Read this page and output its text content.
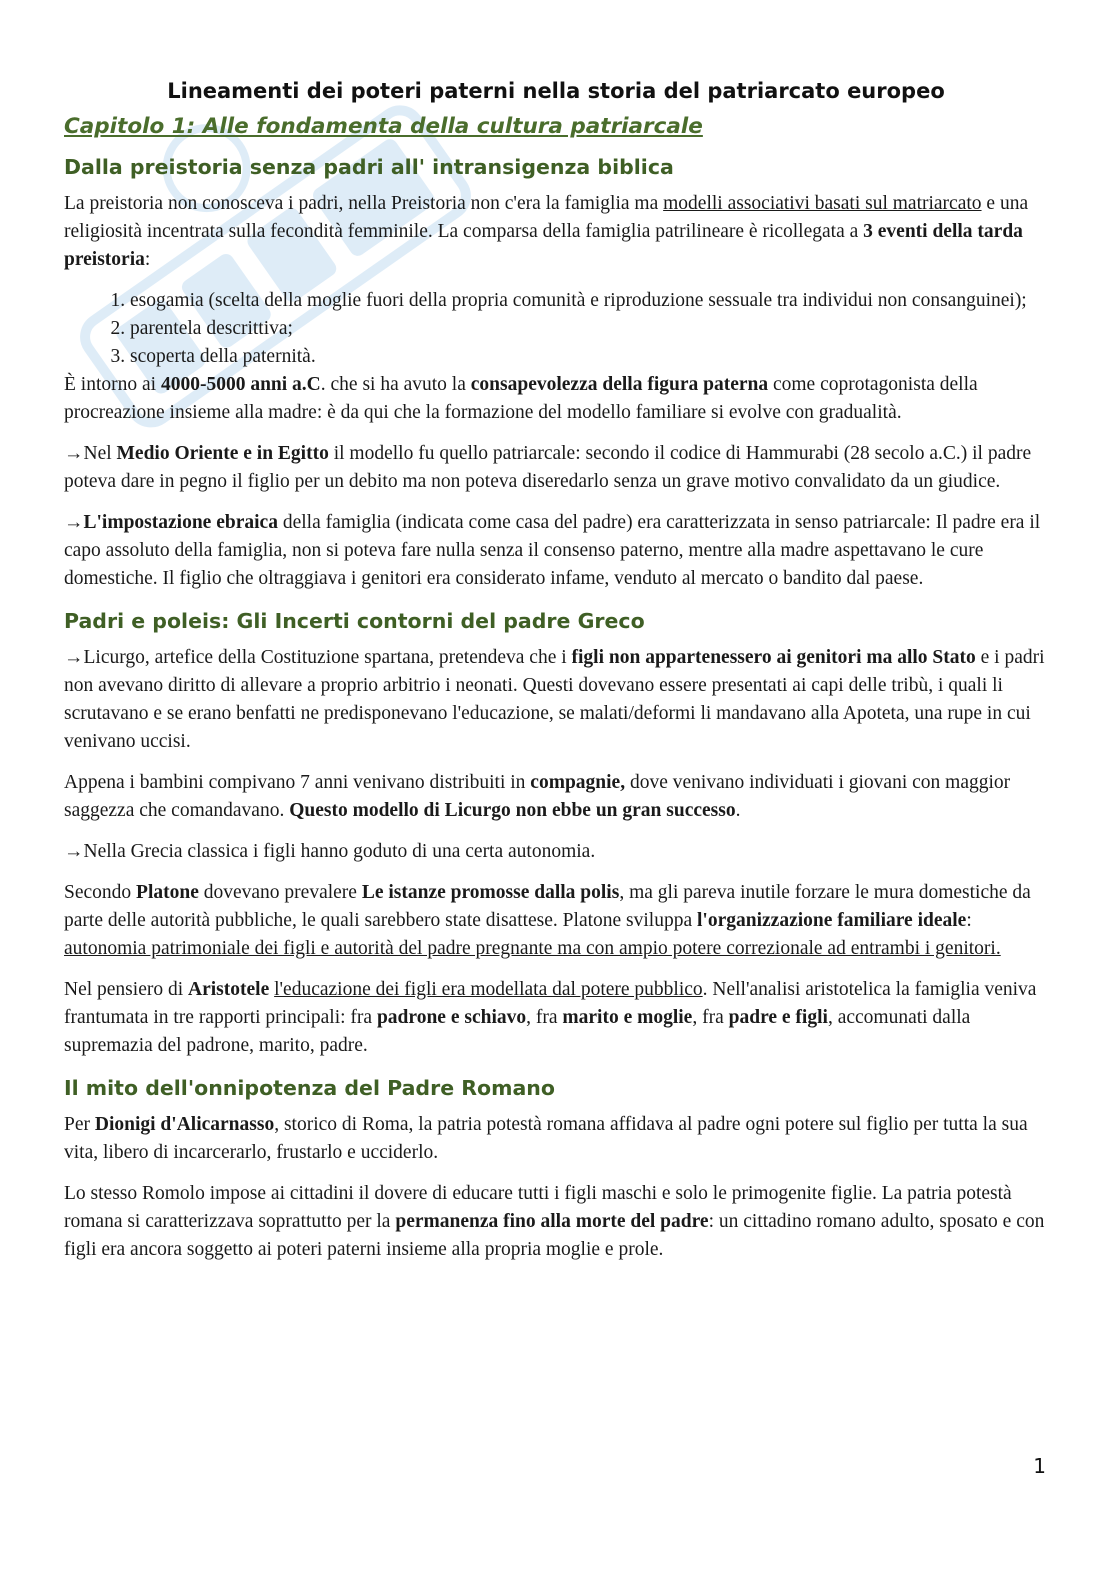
Lineamenti dei poteri paterni nella storia del patriarcato europeo
Capitolo 1: Alle fondamenta della cultura patriarcale
Dalla preistoria senza padri all' intransigenza biblica

La preistoria non conosceva i padri, nella Preistoria non c'era la famiglia ma modelli associativi basati sul matriarcato e una religiosità incentrata sulla fecondità femminile. La comparsa della famiglia patrilineare è ricollegata a 3 eventi della tarda preistoria:

1. esogamia (scelta della moglie fuori della propria comunità e riproduzione sessuale tra individui non consanguinei);
2. parentela descrittiva;
3. scoperta della paternità.

È intorno ai 4000-5000 anni a.C. che si ha avuto la consapevolezza della figura paterna come coprotagonista della procreazione insieme alla madre: è da qui che la formazione del modello familiare si evolve con gradualità.

→Nel Medio Oriente e in Egitto il modello fu quello patriarcale: secondo il codice di Hammurabi (28 secolo a.C.) il padre poteva dare in pegno il figlio per un debito ma non poteva diseredarlo senza un grave motivo convalidato da un giudice.

→L'impostazione ebraica della famiglia (indicata come casa del padre) era caratterizzata in senso patriarcale: Il padre era il capo assoluto della famiglia, non si poteva fare nulla senza il consenso paterno, mentre alla madre aspettavano le cure domestiche. Il figlio che oltraggiava i genitori era considerato infame, venduto al mercato o bandito dal paese.

Padri e poleis: Gli Incerti contorni del padre Greco

→Licurgo, artefice della Costituzione spartana, pretendeva che i figli non appartenessero ai genitori ma allo Stato e i padri non avevano diritto di allevare a proprio arbitrio i neonati. Questi dovevano essere presentati ai capi delle tribù, i quali li scrutavano e se erano benfatti ne predisponevano l'educazione, se malati/deformi li mandavano alla Apoteta, una rupe in cui venivano uccisi.

Appena i bambini compivano 7 anni venivano distribuiti in compagnie, dove venivano individuati i giovani con maggior saggezza che comandavano. Questo modello di Licurgo non ebbe un gran successo.

→Nella Grecia classica i figli hanno goduto di una certa autonomia.

Secondo Platone dovevano prevalere Le istanze promosse dalla polis, ma gli pareva inutile forzare le mura domestiche da parte delle autorità pubbliche, le quali sarebbero state disattese. Platone sviluppa l'organizzazione familiare ideale: autonomia patrimoniale dei figli e autorità del padre pregnante ma con ampio potere correzionale ad entrambi i genitori.

Nel pensiero di Aristotele l'educazione dei figli era modellata dal potere pubblico. Nell'analisi aristotelica la famiglia veniva frantumata in tre rapporti principali: fra padrone e schiavo, fra marito e moglie, fra padre e figli, accomunati dalla supremazia del padrone, marito, padre.

Il mito dell'onnipotenza del Padre Romano

Per Dionigi d'Alicarnasso, storico di Roma, la patria potestà romana affidava al padre ogni potere sul figlio per tutta la sua vita, libero di incarcerarlo, frustarlo e ucciderlo.

Lo stesso Romolo impose ai cittadini il dovere di educare tutti i figli maschi e solo le primogenite figlie. La patria potestà romana si caratterizzava soprattutto per la permanenza fino alla morte del padre: un cittadino romano adulto, sposato e con figli era ancora soggetto ai poteri paterni insieme alla propria moglie e prole.

1
